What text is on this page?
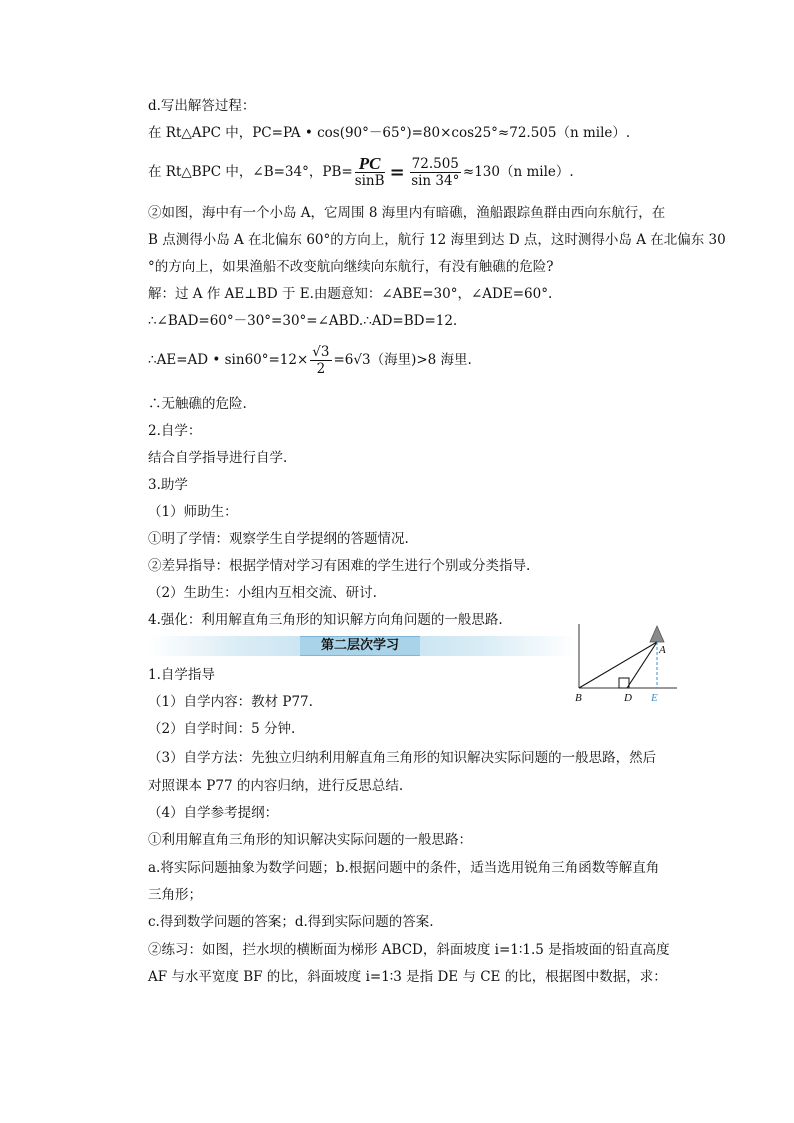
d.写出解答过程：
在 Rt△APC 中，PC=PA • cos(90°－65°)=80×cos25°≈72.505（n mile）.
在 Rt△BPC 中，∠B=34°，$PB= \frac{PC}{\sin B} = \frac{72.505}{\sin 34^\circ} \approx 130(n$ mile）.
②如图，海中有一个小岛 A，它周围 8 海里内有暗礁，渔船跟踪鱼群由西向东航行，在
B 点测得小岛 A 在北偏东 60°的方向上，航行 12 海里到达 D 点，这时测得小岛 A 在北偏东 30
°的方向上，如果渔船不改变航向继续向东航行，有没有触礁的危险?
解：过 A 作 AE⊥BD 于 E.由题意知：∠ABE=30°，∠ADE=60°.
∴∠BAD=60°－30°=30°=∠ABD.∴AD=BD=12.
∴AE=AD • $\sin 60^\circ=12\times \frac{√3}{2} =6√3$（海里)>8 海里.
∴无触礁的危险.
2.自学：
结合自学指导进行自学.
3.助学
（1）师助生：
①明了学情：观察学生自学提纲的答题情况.
②差异指导：根据学情对学习有困难的学生进行个别或分类指导.
（2）生助生：小组内互相交流、研讨.
4.强化：利用解直角三角形的知识解方向角问题的一般思路.
第二层次学习	A
B	D E
1.自学指导
（1）自学内容：教材 P77.
（2）自学时间：5 分钟.
（3）自学方法：先独立归纳利用解直角三角形的知识解决实际问题的一般思路，然后
对照课本 P77 的内容归纳，进行反思总结.
（4）自学参考提纲：
①利用解直角三角形的知识解决实际问题的一般思路：
a.将实际问题抽象为数学问题；b.根据问题中的条件，适当选用锐角三角函数等解直角
三角形；
c.得到数学问题的答案；d.得到实际问题的答案.
②练习：如图，拦水坝的横断面为梯形 ABCD，斜面坡度 i=1∶1.5 是指坡面的铅直高度
AF 与水平宽度 BF 的比，斜面坡度 i=1∶3 是指 DE 与 CE 的比，根据图中数据，求：
